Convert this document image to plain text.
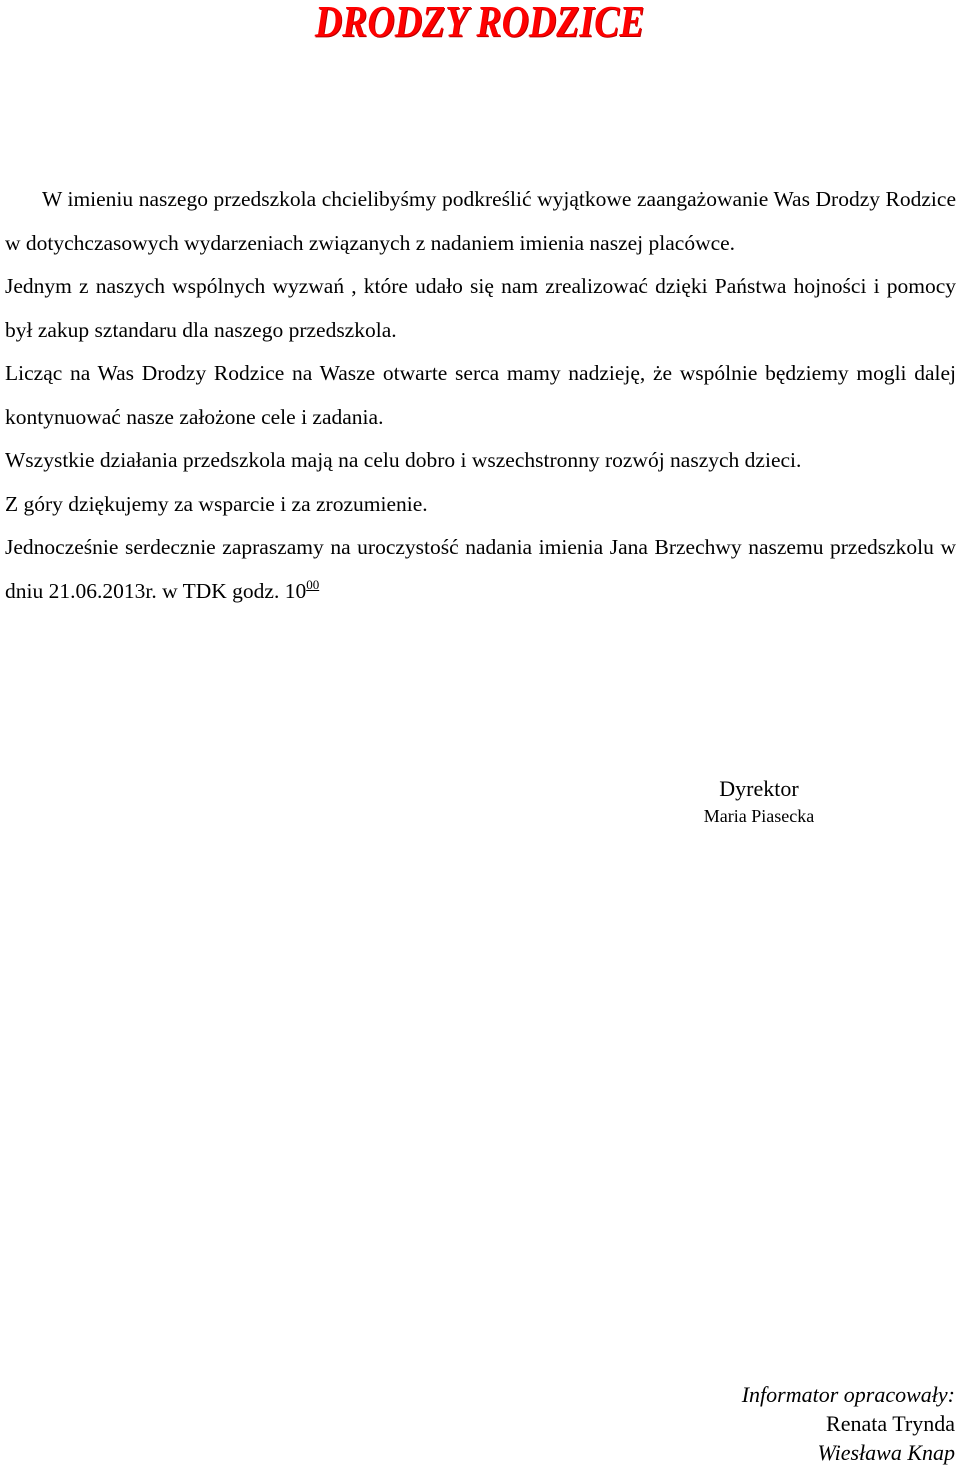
DRODZY RODZICE

W imieniu naszego przedszkola chcielibyśmy podkreślić wyjątkowe zaangażowanie Was Drodzy Rodzice w dotychczasowych wydarzeniach związanych z nadaniem imienia naszej placówce.

Jednym z naszych wspólnych wyzwań , które udało się nam zrealizować dzięki Państwa hojności i pomocy był zakup sztandaru dla naszego przedszkola.

Licząc na Was Drodzy Rodzice na Wasze otwarte serca mamy nadzieję, że wspólnie będziemy mogli dalej kontynuować nasze założone cele i zadania.

Wszystkie działania przedszkola mają na celu dobro i wszechstronny rozwój naszych dzieci.

Z góry dziękujemy za wsparcie i za zrozumienie.

Jednocześnie serdecznie zapraszamy na uroczystość nadania imienia Jana Brzechwy naszemu przedszkolu w dniu 21.06.2013r. w TDK godz. $10^{00}$

Dyrektor

Maria Piasecka

Informator opracowały:
Renata Trynda
Wiesława Knap
